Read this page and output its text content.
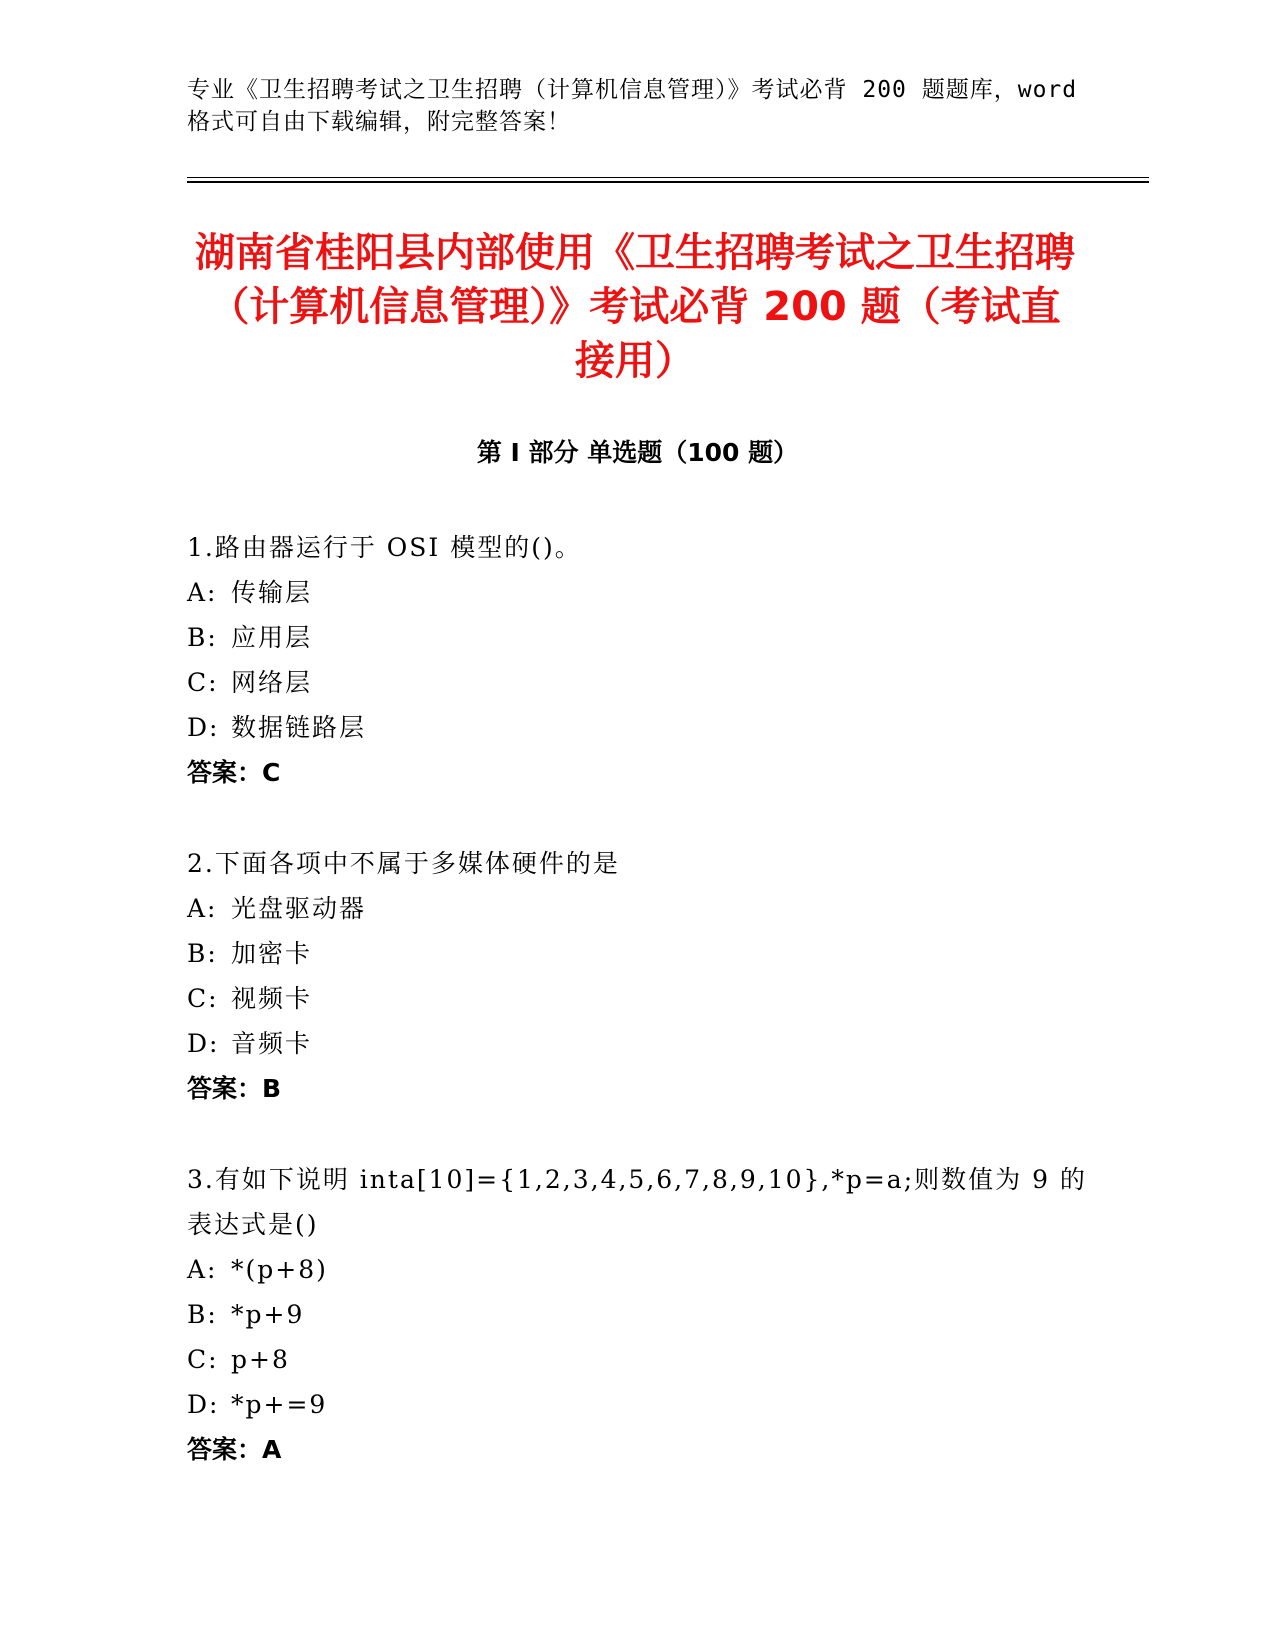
专业《卫生招聘考试之卫生招聘（计算机信息管理）》考试必背 200 题题库，word 格式可自由下载编辑，附完整答案！
湖南省桂阳县内部使用《卫生招聘考试之卫生招聘（计算机信息管理）》考试必背 200 题（考试直接用）
第 I 部分 单选题（100 题）
1.路由器运行于 OSI 模型的()。
A: 传输层
B: 应用层
C: 网络层
D: 数据链路层
答案：C
2.下面各项中不属于多媒体硬件的是
A: 光盘驱动器
B: 加密卡
C: 视频卡
D: 音频卡
答案：B
3.有如下说明 inta[10]={1,2,3,4,5,6,7,8,9,10},*p=a;则数值为 9 的表达式是()
A: *(p+8)
B: *p+9
C: p+8
D: *p+=9
答案：A
